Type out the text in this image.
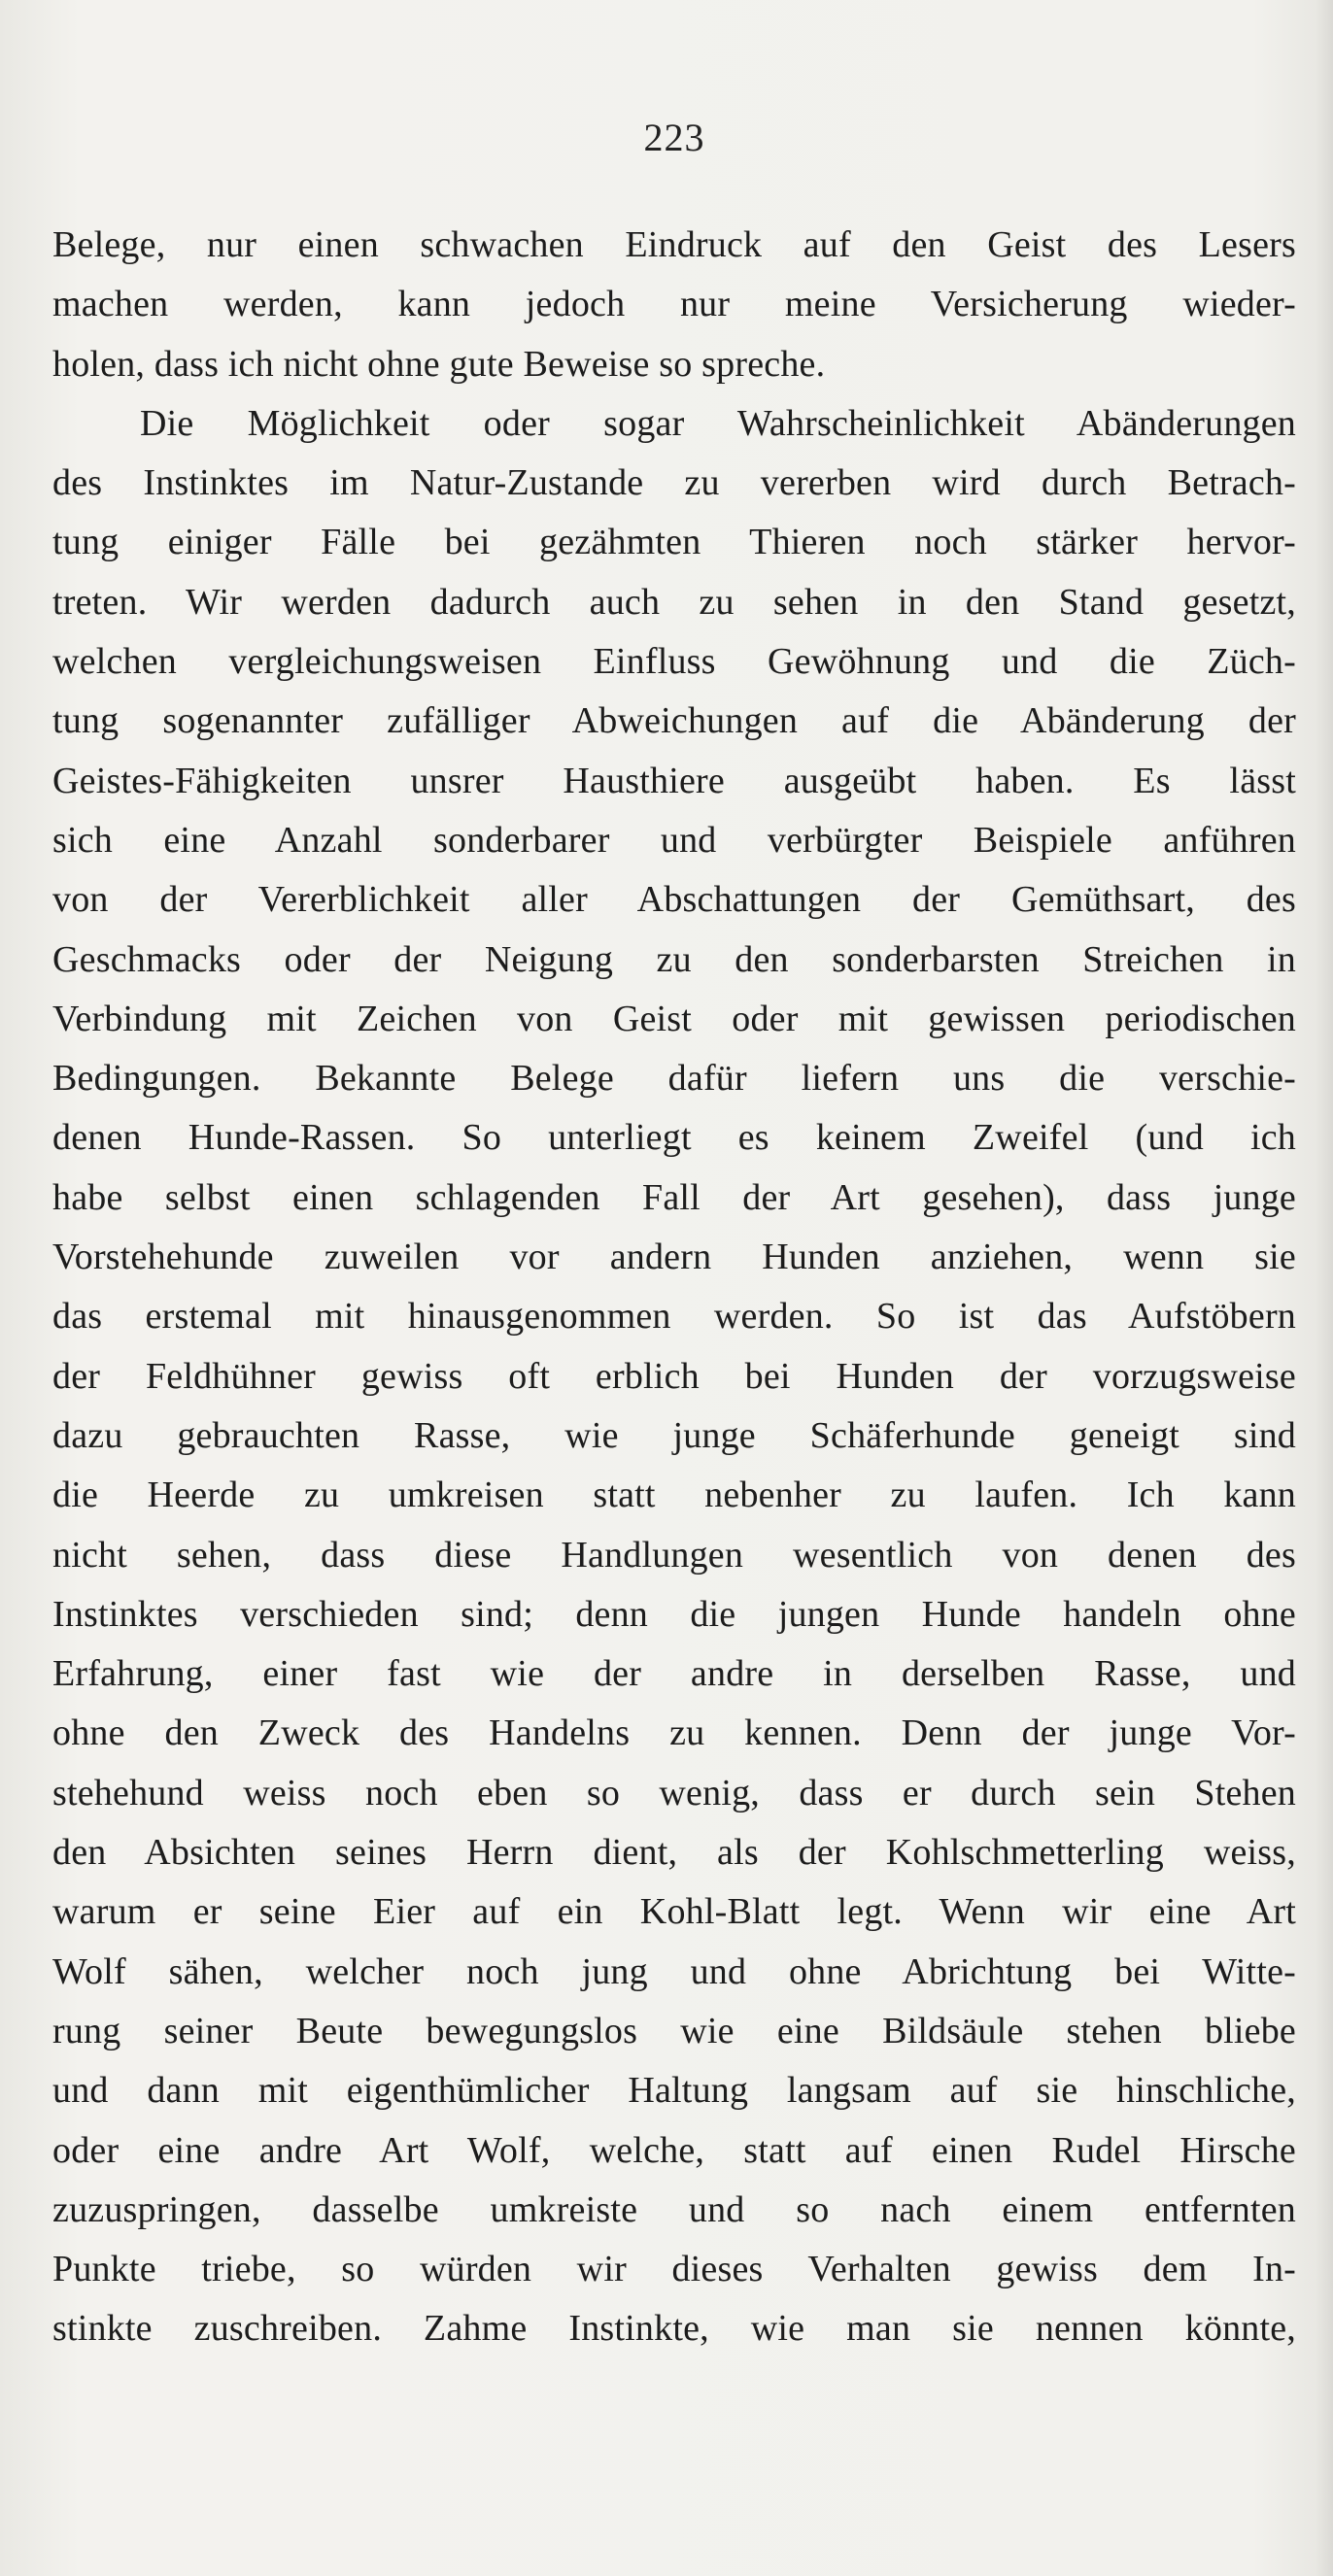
223
Belege, nur einen schwachen Eindruck auf den Geist des Lesers
machen werden, kann jedoch nur meine Versicherung wieder-
holen, dass ich nicht ohne gute Beweise so spreche.
Die Möglichkeit oder sogar Wahrscheinlichkeit Abänderungen
des Instinktes im Natur-Zustande zu vererben wird durch Betrach-
tung einiger Fälle bei gezähmten Thieren noch stärker hervor-
treten. Wir werden dadurch auch zu sehen in den Stand gesetzt,
welchen vergleichungsweisen Einfluss Gewöhnung und die Züch-
tung sogenannter zufälliger Abweichungen auf die Abänderung der
Geistes-Fähigkeiten unsrer Hausthiere ausgeübt haben. Es lässt
sich eine Anzahl sonderbarer und verbürgter Beispiele anführen
von der Vererblichkeit aller Abschattungen der Gemüthsart, des
Geschmacks oder der Neigung zu den sonderbarsten Streichen in
Verbindung mit Zeichen von Geist oder mit gewissen periodischen
Bedingungen. Bekannte Belege dafür liefern uns die verschie-
denen Hunde-Rassen. So unterliegt es keinem Zweifel (und ich
habe selbst einen schlagenden Fall der Art gesehen), dass junge
Vorstehehunde zuweilen vor andern Hunden anziehen, wenn sie
das erstemal mit hinausgenommen werden. So ist das Aufstöbern
der Feldhühner gewiss oft erblich bei Hunden der vorzugsweise
dazu gebrauchten Rasse, wie junge Schäferhunde geneigt sind
die Heerde zu umkreisen statt nebenher zu laufen. Ich kann
nicht sehen, dass diese Handlungen wesentlich von denen des
Instinktes verschieden sind; denn die jungen Hunde handeln ohne
Erfahrung, einer fast wie der andre in derselben Rasse, und
ohne den Zweck des Handelns zu kennen. Denn der junge Vor-
stehehund weiss noch eben so wenig, dass er durch sein Stehen
den Absichten seines Herrn dient, als der Kohlschmetterling weiss,
warum er seine Eier auf ein Kohl-Blatt legt. Wenn wir eine Art
Wolf sähen, welcher noch jung und ohne Abrichtung bei Witte-
rung seiner Beute bewegungslos wie eine Bildsäule stehen bliebe
und dann mit eigenthümlicher Haltung langsam auf sie hinschliche,
oder eine andre Art Wolf, welche, statt auf einen Rudel Hirsche
zuzuspringen, dasselbe umkreiste und so nach einem entfernten
Punkte triebe, so würden wir dieses Verhalten gewiss dem In-
stinkte zuschreiben. Zahme Instinkte, wie man sie nennen könnte,
